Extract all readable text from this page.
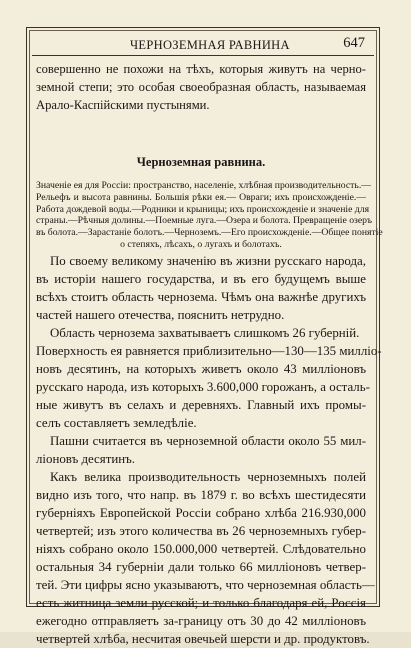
ЧЕРНОЗЕМНАЯ РАВНИНА	647
совершенно не похожи на тѣхъ, которыя живутъ на черно-
земной степи; это особая своеобразная область, называемая
Арало-Каспійскими пустынями.
Черноземная равнина.
Значеніе ея для Россіи: пространство, населеніе, хлѣбная производительность.—
Рельефъ и высота равнины. Большія рѣки ея.— Овраги; ихъ происхожденіе.—
Работа дождевой воды.—Родники и крыницы; ихъ происхожденіе и значеніе для
страны.—Рѣчныя долины.—Поемные луга.—Озера и болота. Превращеніе озеръ
въ болота.—Зарастаніе болотъ.—Черноземъ.—Его происхожденіе.—Общее понятіе
о степяхъ, лѣсахъ, о лугахъ и болотахъ.
По своему великому значенію въ жизни русскаго народа,
въ исторіи нашего государства, и въ его будущемъ выше
всѣхъ стоитъ область чернозема. Чѣмъ она важнѣе другихъ
частей нашего отечества, пояснить нетрудно.
Область чернозема захватываетъ слишкомъ 26 губерній.
Поверхность ея равняется приблизительно—130—135 милліо-
новъ десятинъ, на которыхъ живетъ около 43 милліоновъ
русскаго народа, изъ которыхъ 3.600,000 горожанъ, а осталь-
ные живутъ въ селахъ и деревняхъ. Главный ихъ промы-
селъ составляетъ земледѣліе.
Пашни считается въ черноземной области около 55 мил-
ліоновъ десятинъ.
Какъ велика производительность черноземныхъ полей
видно изъ того, что напр. въ 1879 г. во всѣхъ шестидесяти
губерніяхъ Европейской Россіи собрано хлѣба 216.930,000
четвертей; изъ этого количества въ 26 черноземныхъ губер-
ніяхъ собрано около 150.000,000 четвертей. Слѣдовательно
остальныя 34 губерніи дали только 66 милліоновъ четвер-
тей. Эти цифры ясно указываютъ, что черноземная область—
есть житница земли русской; и только благодаря ей, Россія
ежегодно отправляетъ за-границу отъ 30 до 42 милліоновъ
четвертей хлѣба, несчитая овечьей шерсти и др. продуктовъ.
